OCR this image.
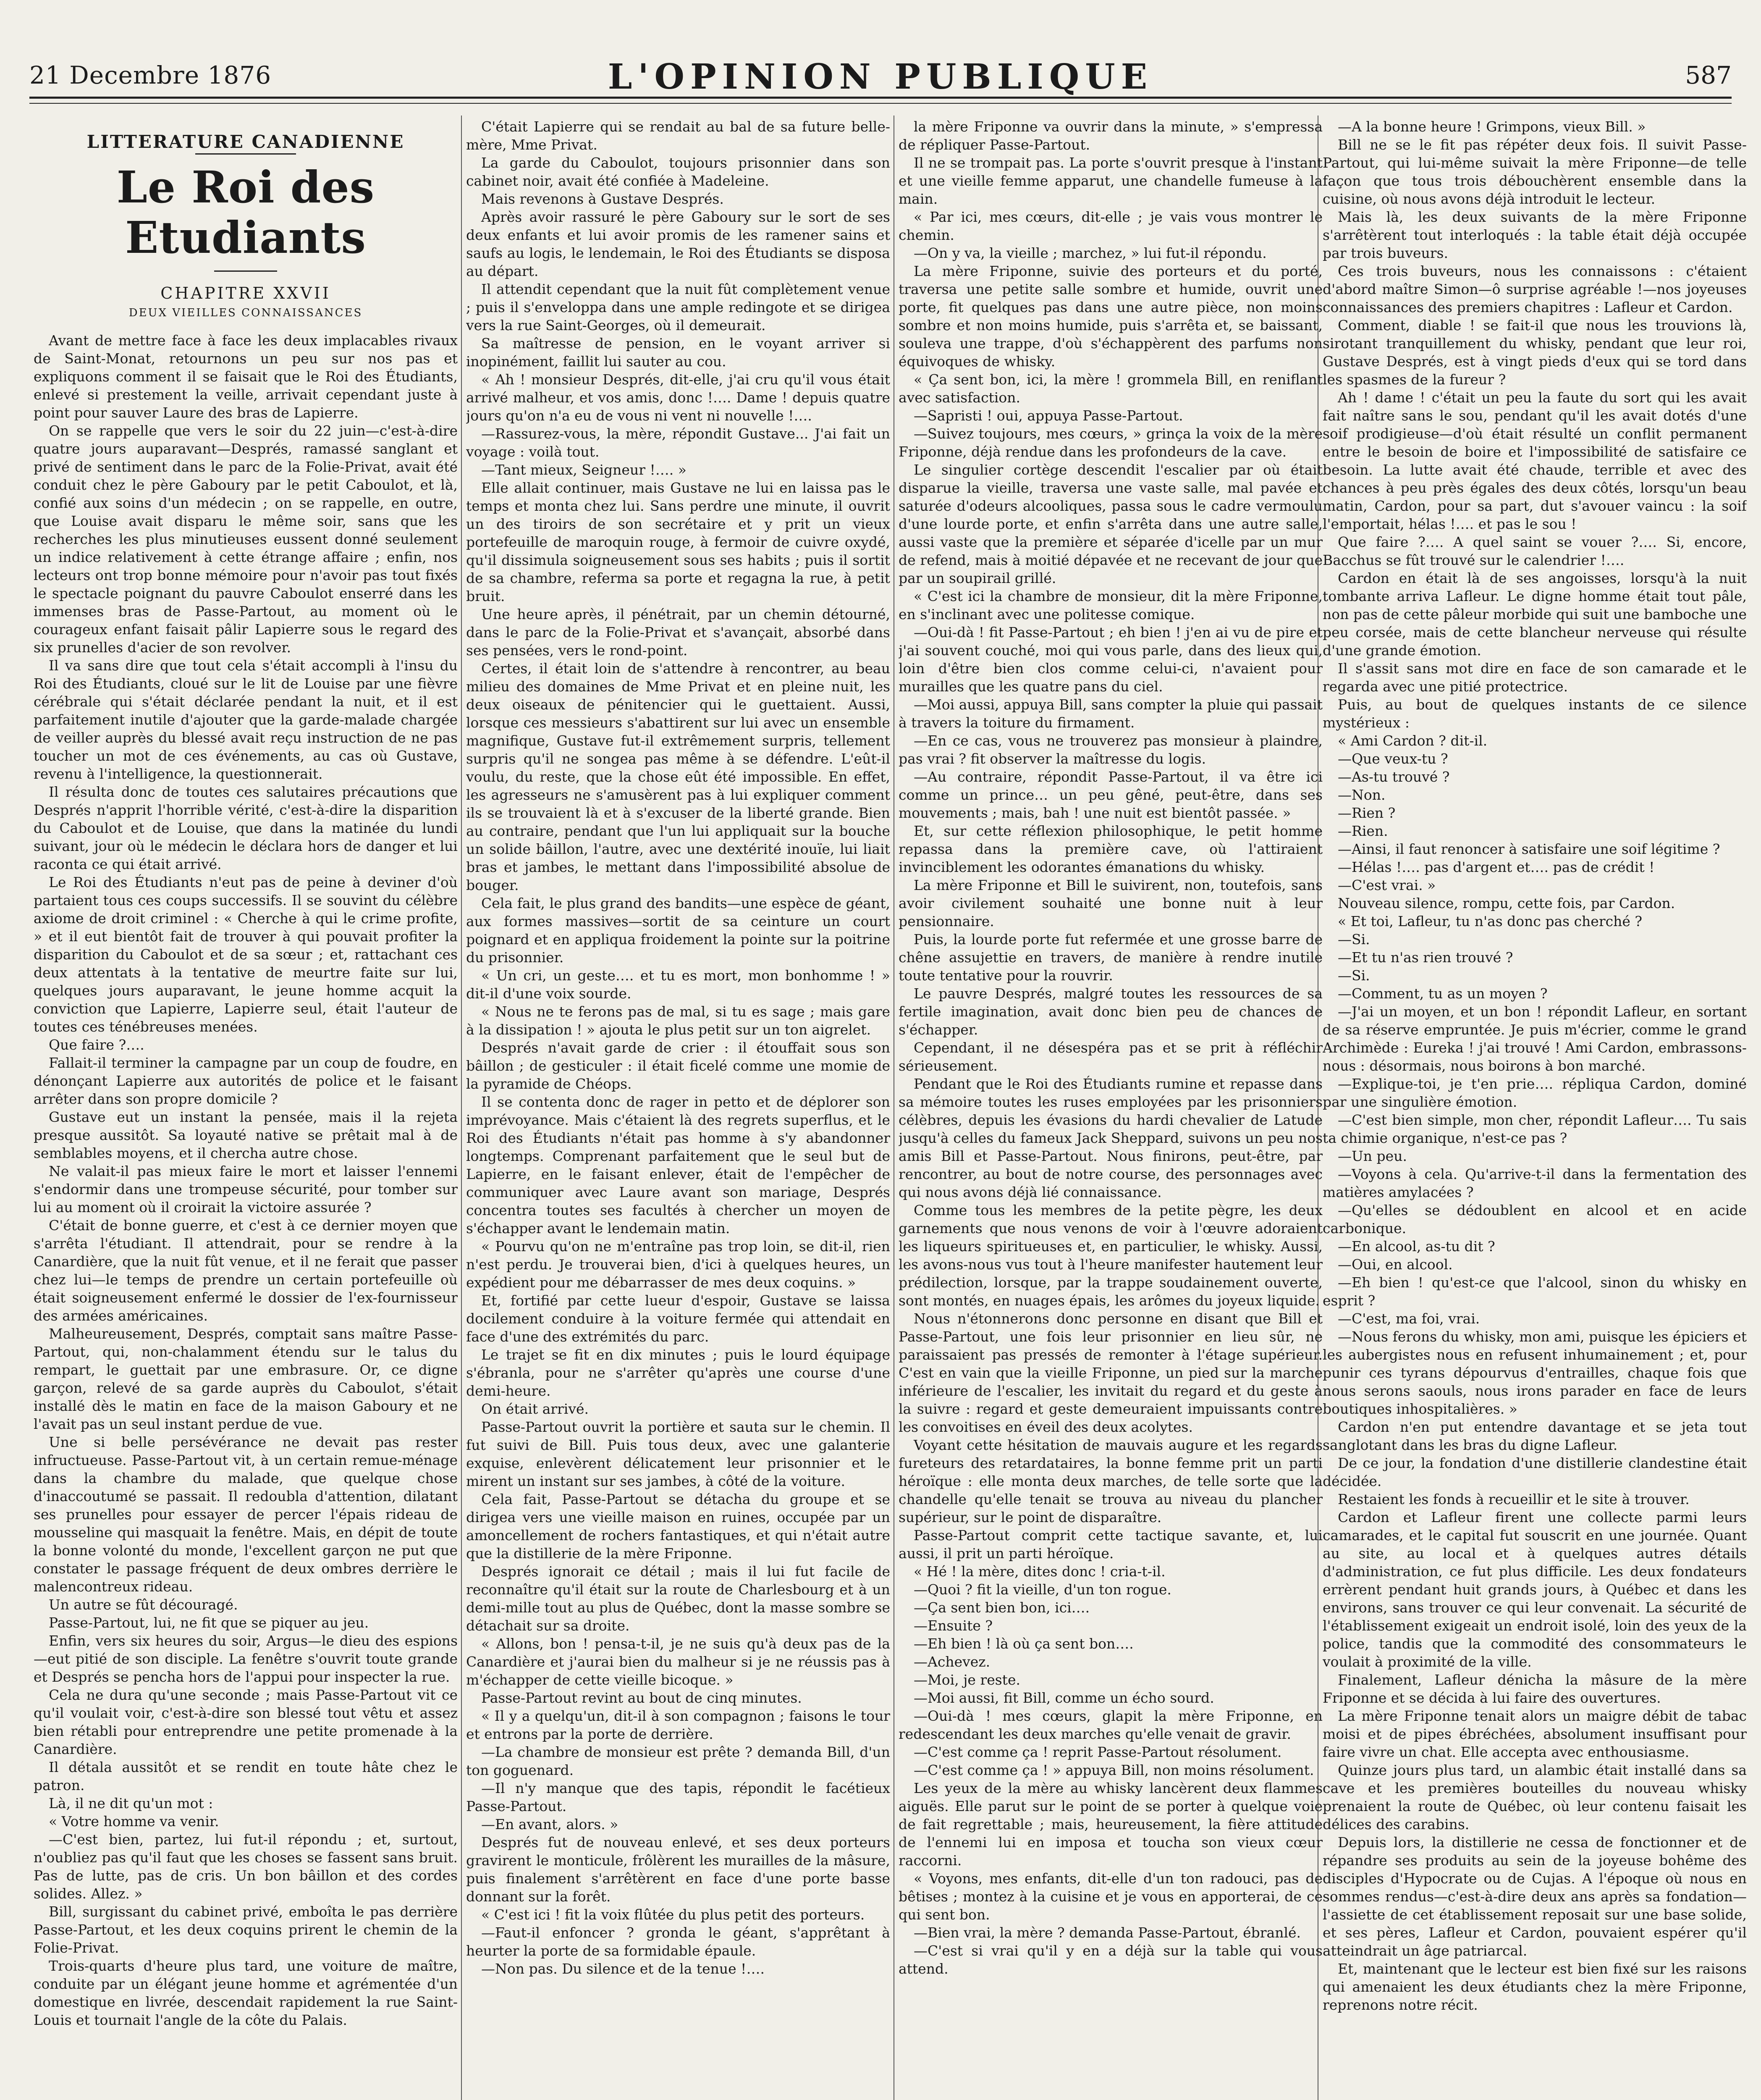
21 Decembre 1876	L'OPINION PUBLIQUE	587
LITTERATURE CANADIENNE
Le Roi des Etudiants
CHAPITRE XXVII
DEUX VIEILLES CONNAISSANCES

Avant de mettre face à face les deux implacables rivaux de Saint-Monat, retournons un peu sur nos pas et expliquons comment il se faisait que le Roi des Étudiants, enlevé si prestement la veille, arrivait cependant juste à point pour sauver Laure des bras de Lapierre.

On se rappelle que vers le soir du 22 juin—c'est-à-dire quatre jours auparavant—Després, ramassé sanglant et privé de sentiment dans le parc de la Folie-Privat, avait été conduit chez le père Gaboury par le petit Caboulot, et là, confié aux soins d'un médecin ; on se rappelle, en outre, que Louise avait disparu le même soir, sans que les recherches les plus minutieuses eussent donné seulement un indice relativement à cette étrange affaire ; enfin, nos lecteurs ont trop bonne mémoire pour n'avoir pas tout fixés le spectacle poignant du pauvre Caboulot enserré dans les immenses bras de Passe-Partout, au moment où le courageux enfant faisait pâlir Lapierre sous le regard des six prunelles d'acier de son revolver.

Il va sans dire que tout cela s'était accompli à l'insu du Roi des Étudiants, cloué sur le lit de Louise par une fièvre cérébrale qui s'était déclarée pendant la nuit, et il est parfaitement inutile d'ajouter que la garde-malade chargée de veiller auprès du blessé avait reçu instruction de ne pas toucher un mot de ces événements, au cas où Gustave, revenu à l'intelligence, la questionnerait.

Il résulta donc de toutes ces salutaires précautions que Després n'apprit l'horrible vérité, c'est-à-dire la disparition du Caboulot et de Louise, que dans la matinée du lundi suivant, jour où le médecin le déclara hors de danger et lui raconta ce qui était arrivé.

Le Roi des Étudiants n'eut pas de peine à deviner d'où partaient tous ces coups successifs. Il se souvint du célèbre axiome de droit criminel : « Cherche à qui le crime profite, » et il eut bientôt fait de trouver à qui pouvait profiter la disparition du Caboulot et de sa sœur ; et, rattachant ces deux attentats à la tentative de meurtre faite sur lui, quelques jours auparavant, le jeune homme acquit la conviction que Lapierre, Lapierre seul, était l'auteur de toutes ces ténébreuses menées.

Que faire ?….

Fallait-il terminer la campagne par un coup de foudre, en dénonçant Lapierre aux autorités de police et le faisant arrêter dans son propre domicile ?

Gustave eut un instant la pensée, mais il la rejeta presque aussitôt. Sa loyauté native se prêtait mal à de semblables moyens, et il chercha autre chose.

Ne valait-il pas mieux faire le mort et laisser l'ennemi s'endormir dans une trompeuse sécurité, pour tomber sur lui au moment où il croirait la victoire assurée ?

C'était de bonne guerre, et c'est à ce dernier moyen que s'arrêta l'étudiant. Il attendrait, pour se rendre à la Canardière, que la nuit fût venue, et il ne ferait que passer chez lui—le temps de prendre un certain portefeuille où était soigneusement enfermé le dossier de l'ex-fournisseur des armées américaines.

Malheureusement, Després, comptait sans maître Passe-Partout, qui, non-chalamment étendu sur le talus du rempart, le guettait par une embrasure. Or, ce digne garçon, relevé de sa garde auprès du Caboulot, s'était installé dès le matin en face de la maison Gaboury et ne l'avait pas un seul instant perdue de vue.

Une si belle persévérance ne devait pas rester infructueuse. Passe-Partout vit, à un certain remue-ménage dans la chambre du malade, que quelque chose d'inaccoutumé se passait. Il redoubla d'attention, dilatant ses prunelles pour essayer de percer l'épais rideau de mousseline qui masquait la fenêtre. Mais, en dépit de toute la bonne volonté du monde, l'excellent garçon ne put que constater le passage fréquent de deux ombres derrière le malencontreux rideau.

Un autre se fût découragé.

Passe-Partout, lui, ne fit que se piquer au jeu.

Enfin, vers six heures du soir, Argus—le dieu des espions—eut pitié de son disciple. La fenêtre s'ouvrit toute grande et Després se pencha hors de l'appui pour inspecter la rue.

Cela ne dura qu'une seconde ; mais Passe-Partout vit ce qu'il voulait voir, c'est-à-dire son blessé tout vêtu et assez bien rétabli pour entreprendre une petite promenade à la Canardière.

Il détala aussitôt et se rendit en toute hâte chez le patron.

Là, il ne dit qu'un mot :

« Votre homme va venir.

—C'est bien, partez, lui fut-il répondu ; et, surtout, n'oubliez pas qu'il faut que les choses se fassent sans bruit. Pas de lutte, pas de cris. Un bon bâillon et des cordes solides. Allez. »

Bill, surgissant du cabinet privé, emboîta le pas derrière Passe-Partout, et les deux coquins prirent le chemin de la Folie-Privat.

Trois-quarts d'heure plus tard, une voiture de maître, conduite par un élégant jeune homme et agrémentée d'un domestique en livrée, descendait rapidement la rue Saint-Louis et tournait l'angle de la côte du Palais.

C'était Lapierre qui se rendait au bal de sa future belle-mère, Mme Privat.

La garde du Caboulot, toujours prisonnier dans son cabinet noir, avait été confiée à Madeleine.

Mais revenons à Gustave Després.

Après avoir rassuré le père Gaboury sur le sort de ses deux enfants et lui avoir promis de les ramener sains et saufs au logis, le lendemain, le Roi des Étudiants se disposa au départ.

Il attendit cependant que la nuit fût complètement venue ; puis il s'enveloppa dans une ample redingote et se dirigea vers la rue Saint-Georges, où il demeurait.

Sa maîtresse de pension, en le voyant arriver si inopinément, faillit lui sauter au cou.

« Ah ! monsieur Després, dit-elle, j'ai cru qu'il vous était arrivé malheur, et vos amis, donc !…. Dame ! depuis quatre jours qu'on n'a eu de vous ni vent ni nouvelle !….

—Rassurez-vous, la mère, répondit Gustave... J'ai fait un voyage : voilà tout.

—Tant mieux, Seigneur !…. »

Elle allait continuer, mais Gustave ne lui en laissa pas le temps et monta chez lui. Sans perdre une minute, il ouvrit un des tiroirs de son secrétaire et y prit un vieux portefeuille de maroquin rouge, à fermoir de cuivre oxydé, qu'il dissimula soigneusement sous ses habits ; puis il sortit de sa chambre, referma sa porte et regagna la rue, à petit bruit.

Une heure après, il pénétrait, par un chemin détourné, dans le parc de la Folie-Privat et s'avançait, absorbé dans ses pensées, vers le rond-point.

Certes, il était loin de s'attendre à rencontrer, au beau milieu des domaines de Mme Privat et en pleine nuit, les deux oiseaux de pénitencier qui le guettaient. Aussi, lorsque ces messieurs s'abattirent sur lui avec un ensemble magnifique, Gustave fut-il extrêmement surpris, tellement surpris qu'il ne songea pas même à se défendre. L'eût-il voulu, du reste, que la chose eût été impossible. En effet, les agresseurs ne s'amusèrent pas à lui expliquer comment ils se trouvaient là et à s'excuser de la liberté grande. Bien au contraire, pendant que l'un lui appliquait sur la bouche un solide bâillon, l'autre, avec une dextérité inouïe, lui liait bras et jambes, le mettant dans l'impossibilité absolue de bouger.

Cela fait, le plus grand des bandits—une espèce de géant, aux formes massives—sortit de sa ceinture un court poignard et en appliqua froidement la pointe sur la poitrine du prisonnier.

« Un cri, un geste…. et tu es mort, mon bonhomme ! » dit-il d'une voix sourde.

« Nous ne te ferons pas de mal, si tu es sage ; mais gare à la dissipation ! » ajouta le plus petit sur un ton aigrelet.

Després n'avait garde de crier : il étouffait sous son bâillon ; de gesticuler : il était ficelé comme une momie de la pyramide de Chéops.

Il se contenta donc de rager in petto et de déplorer son imprévoyance. Mais c'étaient là des regrets superflus, et le Roi des Étudiants n'était pas homme à s'y abandonner longtemps. Comprenant parfaitement que le seul but de Lapierre, en le faisant enlever, était de l'empêcher de communiquer avec Laure avant son mariage, Després concentra toutes ses facultés à chercher un moyen de s'échapper avant le lendemain matin.

« Pourvu qu'on ne m'entraîne pas trop loin, se dit-il, rien n'est perdu. Je trouverai bien, d'ici à quelques heures, un expédient pour me débarrasser de mes deux coquins. »

Et, fortifié par cette lueur d'espoir, Gustave se laissa docilement conduire à la voiture fermée qui attendait en face d'une des extrémités du parc.

Le trajet se fit en dix minutes ; puis le lourd équipage s'ébranla, pour ne s'arrêter qu'après une course d'une demi-heure.

On était arrivé.

Passe-Partout ouvrit la portière et sauta sur le chemin. Il fut suivi de Bill. Puis tous deux, avec une galanterie exquise, enlevèrent délicatement leur prisonnier et le mirent un instant sur ses jambes, à côté de la voiture.

Cela fait, Passe-Partout se détacha du groupe et se dirigea vers une vieille maison en ruines, occupée par un amoncellement de rochers fantastiques, et qui n'était autre que la distillerie de la mère Friponne.

Després ignorait ce détail ; mais il lui fut facile de reconnaître qu'il était sur la route de Charlesbourg et à un demi-mille tout au plus de Québec, dont la masse sombre se détachait sur sa droite.

« Allons, bon ! pensa-t-il, je ne suis qu'à deux pas de la Canardière et j'aurai bien du malheur si je ne réussis pas à m'échapper de cette vieille bicoque. »

Passe-Partout revint au bout de cinq minutes.

« Il y a quelqu'un, dit-il à son compagnon ; faisons le tour et entrons par la porte de derrière.

—La chambre de monsieur est prête ? demanda Bill, d'un ton goguenard.

—Il n'y manque que des tapis, répondit le facétieux Passe-Partout.

—En avant, alors. »

Després fut de nouveau enlevé, et ses deux porteurs gravirent le monticule, frôlèrent les murailles de la mâsure, puis finalement s'arrêtèrent en face d'une porte basse donnant sur la forêt.

« C'est ici ! fit la voix flûtée du plus petit des porteurs.

—Faut-il enfoncer ? gronda le géant, s'apprêtant à heurter la porte de sa formidable épaule.

—Non pas. Du silence et de la tenue !….

la mère Friponne va ouvrir dans la minute, » s'empressa de répliquer Passe-Partout.

Il ne se trompait pas. La porte s'ouvrit presque à l'instant et une vieille femme apparut, une chandelle fumeuse à la main.

« Par ici, mes cœurs, dit-elle ; je vais vous montrer le chemin.

—On y va, la vieille ; marchez, » lui fut-il répondu.

La mère Friponne, suivie des porteurs et du porté, traversa une petite salle sombre et humide, ouvrit une porte, fit quelques pas dans une autre pièce, non moins sombre et non moins humide, puis s'arrêta et, se baissant, souleva une trappe, d'où s'échappèrent des parfums non équivoques de whisky.

« Ça sent bon, ici, la mère ! grommela Bill, en reniflant avec satisfaction.

—Sapristi ! oui, appuya Passe-Partout.

—Suivez toujours, mes cœurs, » grinça la voix de la mère Friponne, déjà rendue dans les profondeurs de la cave.

Le singulier cortège descendit l'escalier par où était disparue la vieille, traversa une vaste salle, mal pavée et saturée d'odeurs alcooliques, passa sous le cadre vermoulu d'une lourde porte, et enfin s'arrêta dans une autre salle, aussi vaste que la première et séparée d'icelle par un mur de refend, mais à moitié dépavée et ne recevant de jour que par un soupirail grillé.

« C'est ici la chambre de monsieur, dit la mère Friponne, en s'inclinant avec une politesse comique.

—Oui-dà ! fit Passe-Partout ; eh bien ! j'en ai vu de pire et j'ai souvent couché, moi qui vous parle, dans des lieux qui, loin d'être bien clos comme celui-ci, n'avaient pour murailles que les quatre pans du ciel.

—Moi aussi, appuya Bill, sans compter la pluie qui passait à travers la toiture du firmament.

—En ce cas, vous ne trouverez pas monsieur à plaindre, pas vrai ? fit observer la maîtresse du logis.

—Au contraire, répondit Passe-Partout, il va être ici comme un prince… un peu gêné, peut-être, dans ses mouvements ; mais, bah ! une nuit est bientôt passée. »

Et, sur cette réflexion philosophique, le petit homme repassa dans la première cave, où l'attiraient invinciblement les odorantes émanations du whisky.

La mère Friponne et Bill le suivirent, non, toutefois, sans avoir civilement souhaité une bonne nuit à leur pensionnaire.

Puis, la lourde porte fut refermée et une grosse barre de chêne assujettie en travers, de manière à rendre inutile toute tentative pour la rouvrir.

Le pauvre Després, malgré toutes les ressources de sa fertile imagination, avait donc bien peu de chances de s'échapper.

Cependant, il ne désespéra pas et se prit à réfléchir sérieusement.

Pendant que le Roi des Étudiants rumine et repasse dans sa mémoire toutes les ruses employées par les prisonniers célèbres, depuis les évasions du hardi chevalier de Latude jusqu'à celles du fameux Jack Sheppard, suivons un peu nos amis Bill et Passe-Partout. Nous finirons, peut-être, par rencontrer, au bout de notre course, des personnages avec qui nous avons déjà lié connaissance.

Comme tous les membres de la petite pègre, les deux garnements que nous venons de voir à l'œuvre adoraient les liqueurs spiritueuses et, en particulier, le whisky. Aussi, les avons-nous vus tout à l'heure manifester hautement leur prédilection, lorsque, par la trappe soudainement ouverte, sont montés, en nuages épais, les arômes du joyeux liquide.

Nous n'étonnerons donc personne en disant que Bill et Passe-Partout, une fois leur prisonnier en lieu sûr, ne paraissaient pas pressés de remonter à l'étage supérieur. C'est en vain que la vieille Friponne, un pied sur la marche inférieure de l'escalier, les invitait du regard et du geste à la suivre : regard et geste demeuraient impuissants contre les convoitises en éveil des deux acolytes.

Voyant cette hésitation de mauvais augure et les regards fureteurs des retardataires, la bonne femme prit un parti héroïque : elle monta deux marches, de telle sorte que la chandelle qu'elle tenait se trouva au niveau du plancher supérieur, sur le point de disparaître.

Passe-Partout comprit cette tactique savante, et, lui aussi, il prit un parti héroïque.

« Hé ! la mère, dites donc ! cria-t-il.

—Quoi ? fit la vieille, d'un ton rogue.

—Ça sent bien bon, ici….

—Ensuite ?

—Eh bien ! là où ça sent bon….

—Achevez.

—Moi, je reste.

—Moi aussi, fit Bill, comme un écho sourd.

—Oui-dà ! mes cœurs, glapit la mère Friponne, en redescendant les deux marches qu'elle venait de gravir.

—C'est comme ça ! reprit Passe-Partout résolument.

—C'est comme ça ! » appuya Bill, non moins résolument.

Les yeux de la mère au whisky lancèrent deux flammes aiguës. Elle parut sur le point de se porter à quelque voie de fait regrettable ; mais, heureusement, la fière attitude de l'ennemi lui en imposa et toucha son vieux cœur raccorni.

« Voyons, mes enfants, dit-elle d'un ton radouci, pas de bêtises ; montez à la cuisine et je vous en apporterai, de ce qui sent bon.

—Bien vrai, la mère ? demanda Passe-Partout, ébranlé.

—C'est si vrai qu'il y en a déjà sur la table qui vous attend.

—A la bonne heure ! Grimpons, vieux Bill. »

Bill ne se le fit pas répéter deux fois. Il suivit Passe-Partout, qui lui-même suivait la mère Friponne—de telle façon que tous trois débouchèrent ensemble dans la cuisine, où nous avons déjà introduit le lecteur.

Mais là, les deux suivants de la mère Friponne s'arrêtèrent tout interloqués : la table était déjà occupée par trois buveurs.

Ces trois buveurs, nous les connaissons : c'étaient d'abord maître Simon—ô surprise agréable !—nos joyeuses connaissances des premiers chapitres : Lafleur et Cardon.

Comment, diable ! se fait-il que nous les trouvions là, sirotant tranquillement du whisky, pendant que leur roi, Gustave Després, est à vingt pieds d'eux qui se tord dans les spasmes de la fureur ?

Ah ! dame ! c'était un peu la faute du sort qui les avait fait naître sans le sou, pendant qu'il les avait dotés d'une soif prodigieuse—d'où était résulté un conflit permanent entre le besoin de boire et l'impossibilité de satisfaire ce besoin. La lutte avait été chaude, terrible et avec des chances à peu près égales des deux côtés, lorsqu'un beau matin, Cardon, pour sa part, dut s'avouer vaincu : la soif l'emportait, hélas !…. et pas le sou !

Que faire ?…. A quel saint se vouer ?…. Si, encore, Bacchus se fût trouvé sur le calendrier !….

Cardon en était là de ses angoisses, lorsqu'à la nuit tombante arriva Lafleur. Le digne homme était tout pâle, non pas de cette pâleur morbide qui suit une bamboche une peu corsée, mais de cette blancheur nerveuse qui résulte d'une grande émotion.

Il s'assit sans mot dire en face de son camarade et le regarda avec une pitié protectrice.

Puis, au bout de quelques instants de ce silence mystérieux :

« Ami Cardon ? dit-il.

—Que veux-tu ?

—As-tu trouvé ?

—Non.

—Rien ?

—Rien.

—Ainsi, il faut renoncer à satisfaire une soif légitime ?

—Hélas !…. pas d'argent et…. pas de crédit !

—C'est vrai. »

Nouveau silence, rompu, cette fois, par Cardon.

« Et toi, Lafleur, tu n'as donc pas cherché ?

—Si.

—Et tu n'as rien trouvé ?

—Si.

—Comment, tu as un moyen ?

—J'ai un moyen, et un bon ! répondit Lafleur, en sortant de sa réserve empruntée. Je puis m'écrier, comme le grand Archimède : Eureka ! j'ai trouvé ! Ami Cardon, embrassons-nous : désormais, nous boirons à bon marché.

—Explique-toi, je t'en prie…. répliqua Cardon, dominé par une singulière émotion.

—C'est bien simple, mon cher, répondit Lafleur…. Tu sais ta chimie organique, n'est-ce pas ?

—Un peu.

—Voyons à cela. Qu'arrive-t-il dans la fermentation des matières amylacées ?

—Qu'elles se dédoublent en alcool et en acide carbonique.

—En alcool, as-tu dit ?

—Oui, en alcool.

—Eh bien ! qu'est-ce que l'alcool, sinon du whisky en esprit ?

—C'est, ma foi, vrai.

—Nous ferons du whisky, mon ami, puisque les épiciers et les aubergistes nous en refusent inhumainement ; et, pour punir ces tyrans dépourvus d'entrailles, chaque fois que nous serons saouls, nous irons parader en face de leurs boutiques inhospitalières. »

Cardon n'en put entendre davantage et se jeta tout sanglotant dans les bras du digne Lafleur.

De ce jour, la fondation d'une distillerie clandestine était décidée.

Restaient les fonds à recueillir et le site à trouver.

Cardon et Lafleur firent une collecte parmi leurs camarades, et le capital fut souscrit en une journée. Quant au site, au local et à quelques autres détails d'administration, ce fut plus difficile. Les deux fondateurs errèrent pendant huit grands jours, à Québec et dans les environs, sans trouver ce qui leur convenait. La sécurité de l'établissement exigeait un endroit isolé, loin des yeux de la police, tandis que la commodité des consommateurs le voulait à proximité de la ville.

Finalement, Lafleur dénicha la mâsure de la mère Friponne et se décida à lui faire des ouvertures.

La mère Friponne tenait alors un maigre débit de tabac moisi et de pipes ébréchées, absolument insuffisant pour faire vivre un chat. Elle accepta avec enthousiasme.

Quinze jours plus tard, un alambic était installé dans sa cave et les premières bouteilles du nouveau whisky prenaient la route de Québec, où leur contenu faisait les délices des carabins.

Depuis lors, la distillerie ne cessa de fonctionner et de répandre ses produits au sein de la joyeuse bohême des disciples d'Hypocrate ou de Cujas. A l'époque où nous en sommes rendus—c'est-à-dire deux ans après sa fondation—l'assiette de cet établissement reposait sur une base solide, et ses pères, Lafleur et Cardon, pouvaient espérer qu'il atteindrait un âge patriarcal.

Et, maintenant que le lecteur est bien fixé sur les raisons qui amenaient les deux étudiants chez la mère Friponne, reprenons notre récit.
